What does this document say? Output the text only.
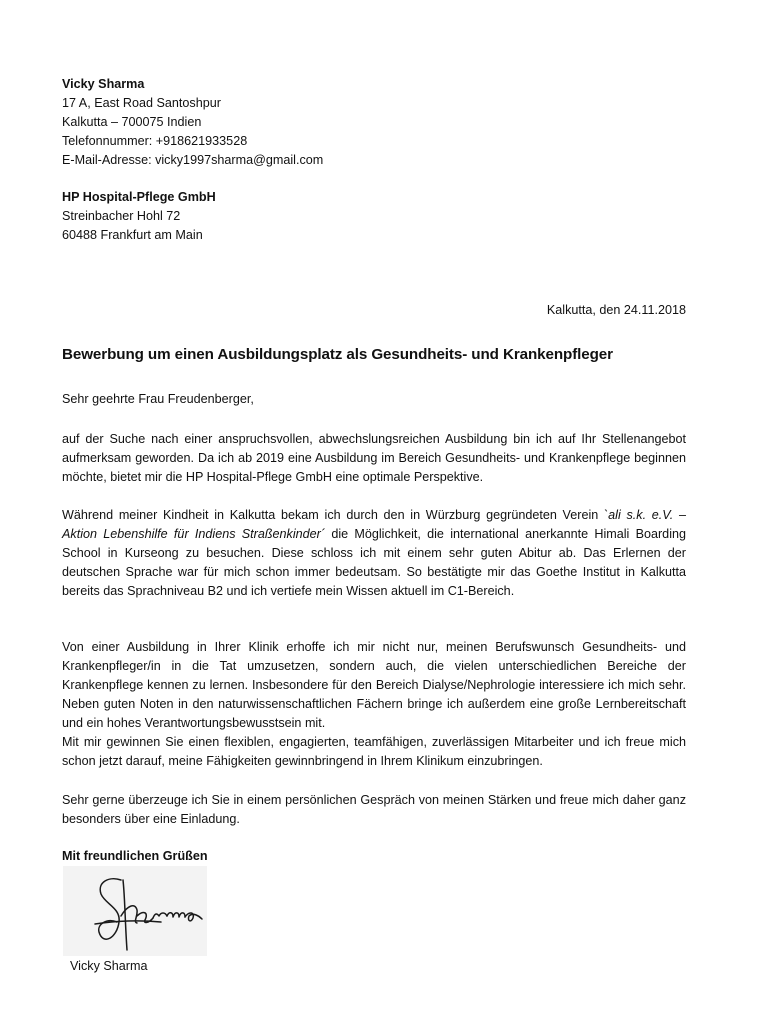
Vicky Sharma

17 A, East Road Santoshpur

Kalkutta – 700075 Indien

Telefonnummer: +918621933528

E-Mail-Adresse: vicky1997sharma@gmail.com

HP Hospital-Pflege GmbH

Streinbacher Hohl 72

60488 Frankfurt am Main

Kalkutta, den 24.11.2018
Bewerbung um einen Ausbildungsplatz als Gesundheits- und Krankenpfleger
Sehr geehrte Frau Freudenberger,

auf der Suche nach einer anspruchsvollen, abwechslungsreichen Ausbildung bin ich auf Ihr Stellenangebot aufmerksam geworden. Da ich ab 2019 eine Ausbildung im Bereich Gesundheits- und Krankenpflege beginnen möchte, bietet mir die HP Hospital-Pflege GmbH eine optimale Perspektive.

Während meiner Kindheit in Kalkutta bekam ich durch den in Würzburg gegründeten Verein `ali s.k. e.V. – Aktion Lebenshilfe für Indiens Straßenkinder´ die Möglichkeit, die international anerkannte Himali Boarding School in Kurseong zu besuchen. Diese schloss ich mit einem sehr guten Abitur ab. Das Erlernen der deutschen Sprache war für mich schon immer bedeutsam. So bestätigte mir das Goethe Institut in Kalkutta bereits das Sprachniveau B2 und ich vertiefe mein Wissen aktuell im C1-Bereich.

Von einer Ausbildung in Ihrer Klinik erhoffe ich mir nicht nur, meinen Berufswunsch Gesundheits- und Krankenpfleger/in in die Tat umzusetzen, sondern auch, die vielen unterschiedlichen Bereiche der Krankenpflege kennen zu lernen. Insbesondere für den Bereich Dialyse/Nephrologie interessiere ich mich sehr. Neben guten Noten in den naturwissenschaftlichen Fächern bringe ich außerdem eine große Lernbereitschaft und ein hohes Verantwortungsbewusstsein mit.

Mit mir gewinnen Sie einen flexiblen, engagierten, teamfähigen, zuverlässigen Mitarbeiter und ich freue mich schon jetzt darauf, meine Fähigkeiten gewinnbringend in Ihrem Klinikum einzubringen.

Sehr gerne überzeuge ich Sie in einem persönlichen Gespräch von meinen Stärken und freue mich daher ganz besonders über eine Einladung.

Mit freundlichen Grüßen
Vicky Sharma
